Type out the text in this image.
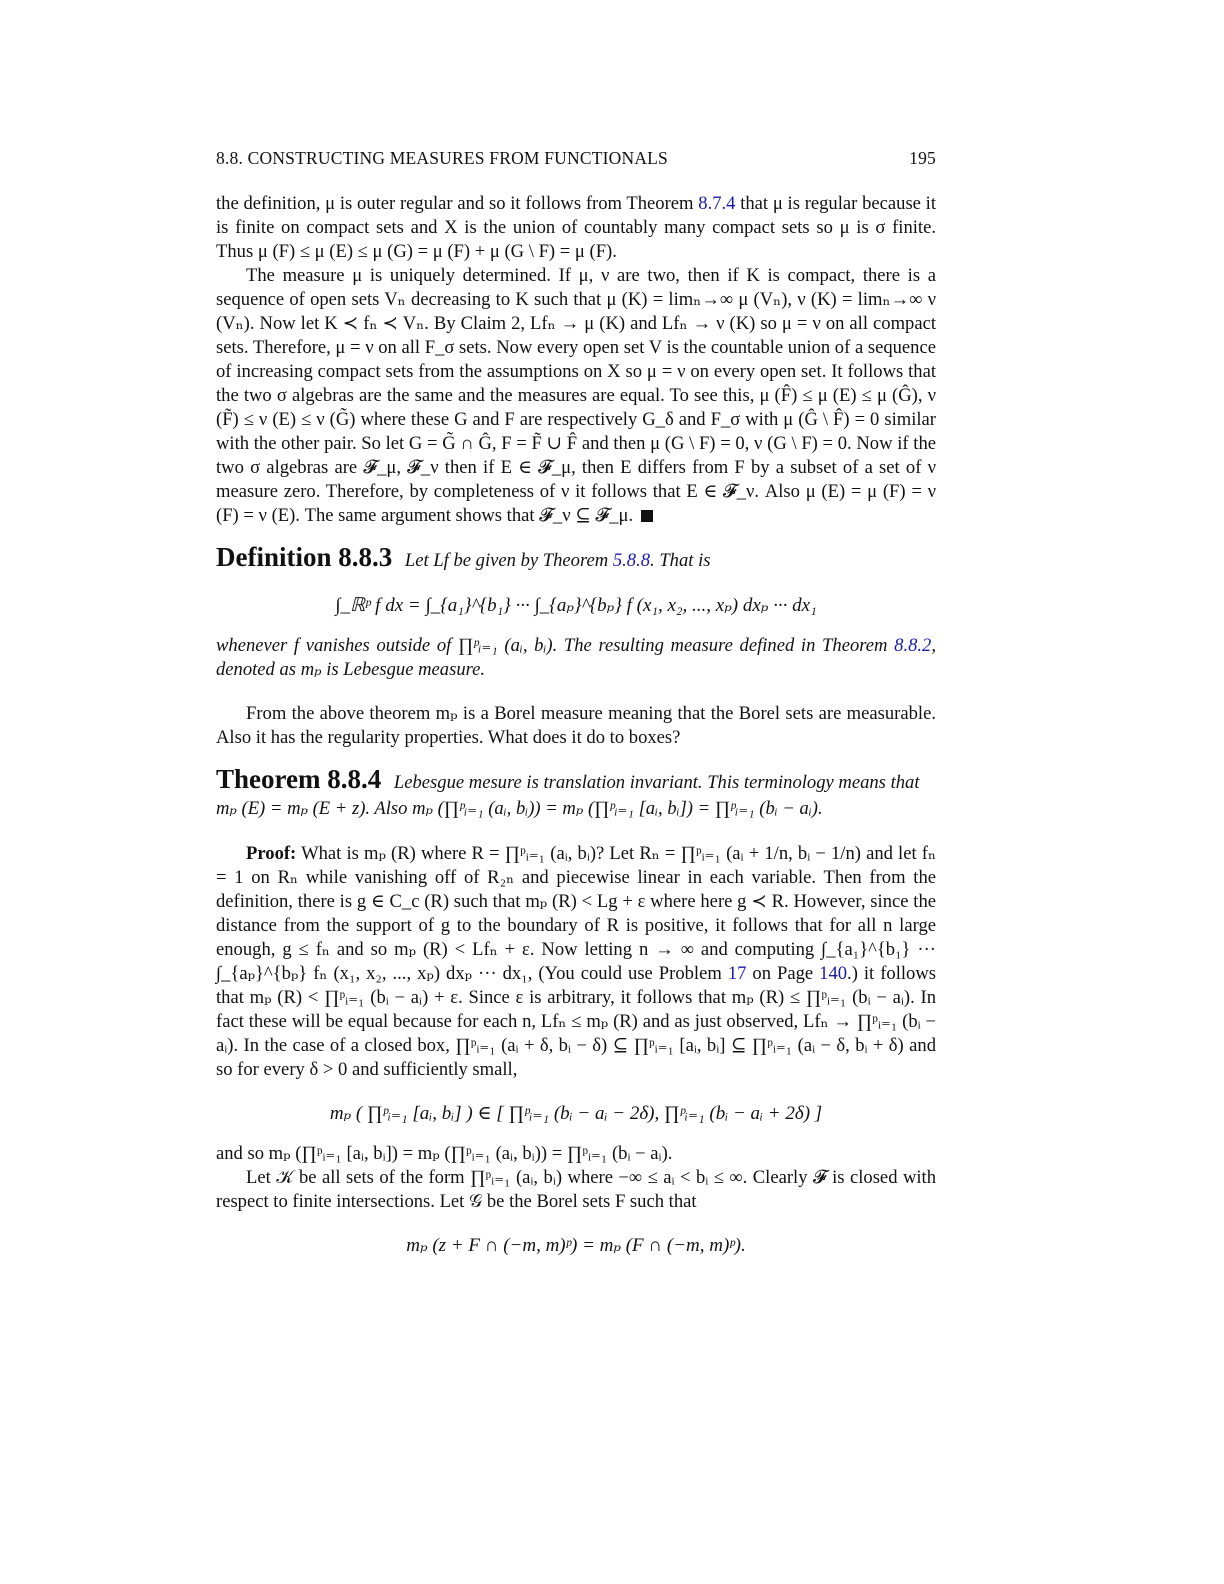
8.8. CONSTRUCTING MEASURES FROM FUNCTIONALS	195

the definition, μ is outer regular and so it follows from Theorem 8.7.4 that μ is regular because it is finite on compact sets and X is the union of countably many compact sets so μ is σ finite. Thus μ (F) ≤ μ (E) ≤ μ (G) = μ (F) + μ (G \ F) = μ (F).

The measure μ is uniquely determined. If μ, ν are two, then if K is compact, there is a sequence of open sets Vₙ decreasing to K such that μ (K) = limₙ→∞ μ (Vₙ), ν (K) = limₙ→∞ ν (Vₙ). Now let K ≺ fₙ ≺ Vₙ. By Claim 2, Lfₙ → μ (K) and Lfₙ → ν (K) so μ = ν on all compact sets. Therefore, μ = ν on all F_σ sets. Now every open set V is the countable union of a sequence of increasing compact sets from the assumptions on X so μ = ν on every open set. It follows that the two σ algebras are the same and the measures are equal. To see this, μ (F̂) ≤ μ (E) ≤ μ (Ĝ), ν (F̃) ≤ ν (E) ≤ ν (G̃) where these G and F are respectively G_δ and F_σ with μ (Ĝ \ F̂) = 0 similar with the other pair. So let G = G̃ ∩ Ĝ, F = F̃ ∪ F̂ and then μ (G \ F) = 0, ν (G \ F) = 0. Now if the two σ algebras are 𝓕_μ, 𝓕_ν then if E ∈ 𝓕_μ, then E differs from F by a subset of a set of ν measure zero. Therefore, by completeness of ν it follows that E ∈ 𝓕_ν. Also μ (E) = μ (F) = ν (F) = ν (E). The same argument shows that 𝓕_ν ⊆ 𝓕_μ.

Definition 8.8.3 Let Lf be given by Theorem 5.8.8. That is
∫_ℝᵖ f dx = ∫_{a₁}^{b₁} ··· ∫_{aₚ}^{bₚ} f (x₁, x₂, ..., xₚ) dxₚ ··· dx₁
whenever f vanishes outside of ∏ᵖᵢ₌₁ (aᵢ, bᵢ). The resulting measure defined in Theorem 8.8.2, denoted as mₚ is Lebesgue measure.
From the above theorem mₚ is a Borel measure meaning that the Borel sets are measurable. Also it has the regularity properties. What does it do to boxes?
Theorem 8.8.4 Lebesgue mesure is translation invariant. This terminology means that mₚ (E) = mₚ (E + z). Also mₚ (∏ᵖᵢ₌₁ (aᵢ, bᵢ)) = mₚ (∏ᵖᵢ₌₁ [aᵢ, bᵢ]) = ∏ᵖᵢ₌₁ (bᵢ − aᵢ).
Proof: What is mₚ (R) where R = ∏ᵖᵢ₌₁ (aᵢ, bᵢ)? Let Rₙ = ∏ᵖᵢ₌₁ (aᵢ + 1/n, bᵢ − 1/n) and let fₙ = 1 on Rₙ while vanishing off of R₂ₙ and piecewise linear in each variable. Then from the definition, there is g ∈ C_c (R) such that mₚ (R) < Lg + ε where here g ≺ R. However, since the distance from the support of g to the boundary of R is positive, it follows that for all n large enough, g ≤ fₙ and so mₚ (R) < Lfₙ + ε. Now letting n → ∞ and computing ∫_{a₁}^{b₁} ··· ∫_{aₚ}^{bₚ} fₙ (x₁, x₂, ..., xₚ) dxₚ ··· dx₁, (You could use Problem 17 on Page 140.) it follows that mₚ (R) < ∏ᵖᵢ₌₁ (bᵢ − aᵢ) + ε. Since ε is arbitrary, it follows that mₚ (R) ≤ ∏ᵖᵢ₌₁ (bᵢ − aᵢ). In fact these will be equal because for each n, Lfₙ ≤ mₚ (R) and as just observed, Lfₙ → ∏ᵖᵢ₌₁ (bᵢ − aᵢ). In the case of a closed box, ∏ᵖᵢ₌₁ (aᵢ + δ, bᵢ − δ) ⊆ ∏ᵖᵢ₌₁ [aᵢ, bᵢ] ⊆ ∏ᵖᵢ₌₁ (aᵢ − δ, bᵢ + δ) and so for every δ > 0 and sufficiently small,
mₚ ( ∏ᵖᵢ₌₁ [aᵢ, bᵢ] ) ∈ [ ∏ᵖᵢ₌₁ (bᵢ − aᵢ − 2δ), ∏ᵖᵢ₌₁ (bᵢ − aᵢ + 2δ) ]
and so mₚ (∏ᵖᵢ₌₁ [aᵢ, bᵢ]) = mₚ (∏ᵖᵢ₌₁ (aᵢ, bᵢ)) = ∏ᵖᵢ₌₁ (bᵢ − aᵢ).
Let 𝒦 be all sets of the form ∏ᵖᵢ₌₁ (aᵢ, bᵢ) where −∞ ≤ aᵢ < bᵢ ≤ ∞. Clearly 𝓕 is closed with respect to finite intersections. Let 𝒢 be the Borel sets F such that
mₚ (z + F ∩ (−m, m)ᵖ) = mₚ (F ∩ (−m, m)ᵖ).
